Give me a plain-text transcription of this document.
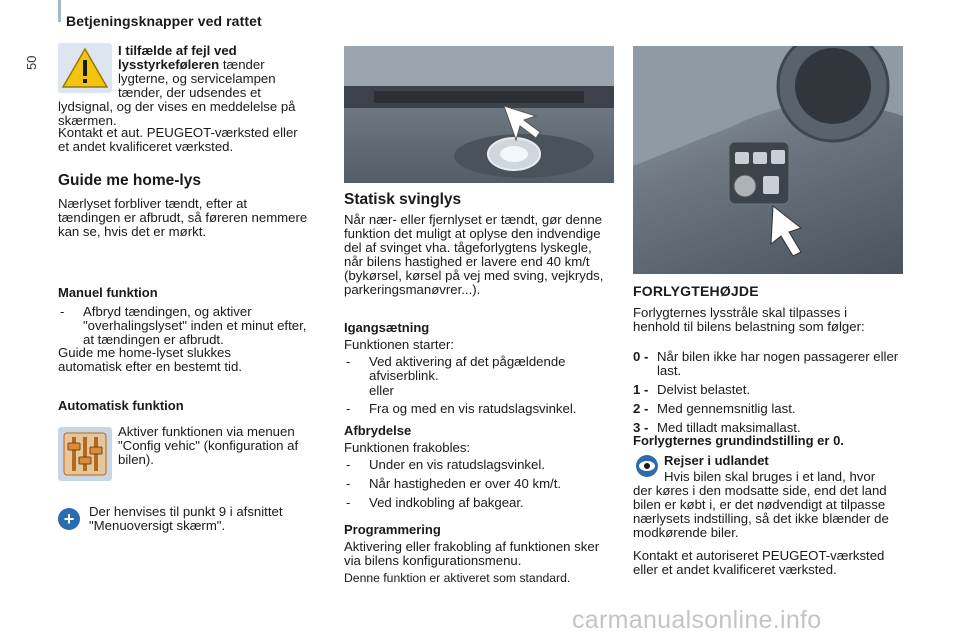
Betjeningsknapper ved rattet
50

I tilfælde af fejl ved lysstyrkeføleren tænder lygterne, og servicelampen tænder, der udsendes et lydsignal, og der vises en meddelelse på skærmen.

Kontakt et aut. PEUGEOT-værksted eller et andet kvalificeret værksted.

Guide me home-lys

Nærlyset forbliver tændt, efter at tændingen er afbrudt, så føreren nemmere kan se, hvis det er mørkt.

Manuel funktion
- Afbryd tændingen, og aktiver "overhalingslyset" inden et minut efter, at tændingen er afbrudt.

Guide me home-lyset slukkes automatisk efter en bestemt tid.

Automatisk funktion

Aktiver funktionen via menuen "Config vehic" (konfiguration af bilen).

+	Der henvises til punkt 9 i afsnittet "Menuoversigt skærm".

Statisk svinglys

Når nær- eller fjernlyset er tændt, gør denne funktion det muligt at oplyse den indvendige del af svinget vha. tågeforlygtens lyskegle, når bilens hastighed er lavere end 40 km/t (bykørsel, kørsel på vej med sving, vejkryds, parkeringsmanøvrer...).

Igangsætning

Funktionen starter:

- Ved aktivering af det pågældende afviserblink.

eller

- Fra og med en vis ratudslagsvinkel.
Afbrydelse

Funktionen frakobles:

- Under en vis ratudslagsvinkel.
- Når hastigheden er over 40 km/t.
- Ved indkobling af bakgear.
Programmering

Aktivering eller frakobling af funktionen sker via bilens konfigurationsmenu.

Denne funktion er aktiveret som standard.

FORLYGTEHØJDE

Forlygternes lysstråle skal tilpasses i henhold til bilens belastning som følger:

0 - Når bilen ikke har nogen passagerer eller last.
1 - Delvist belastet.
2 - Med gennemsnitlig last.
3 - Med tilladt maksimallast.
Forlygternes grundindstilling er 0.
Rejser i udlandet

Hvis bilen skal bruges i et land, hvor der køres i den modsatte side, end det land bilen er købt i, er det nødvendigt at tilpasse nærlysets indstilling, så det ikke blænder de modkørende biler.

Kontakt et autoriseret PEUGEOT-værksted eller et andet kvalificeret værksted.

carmanualsonline.info
